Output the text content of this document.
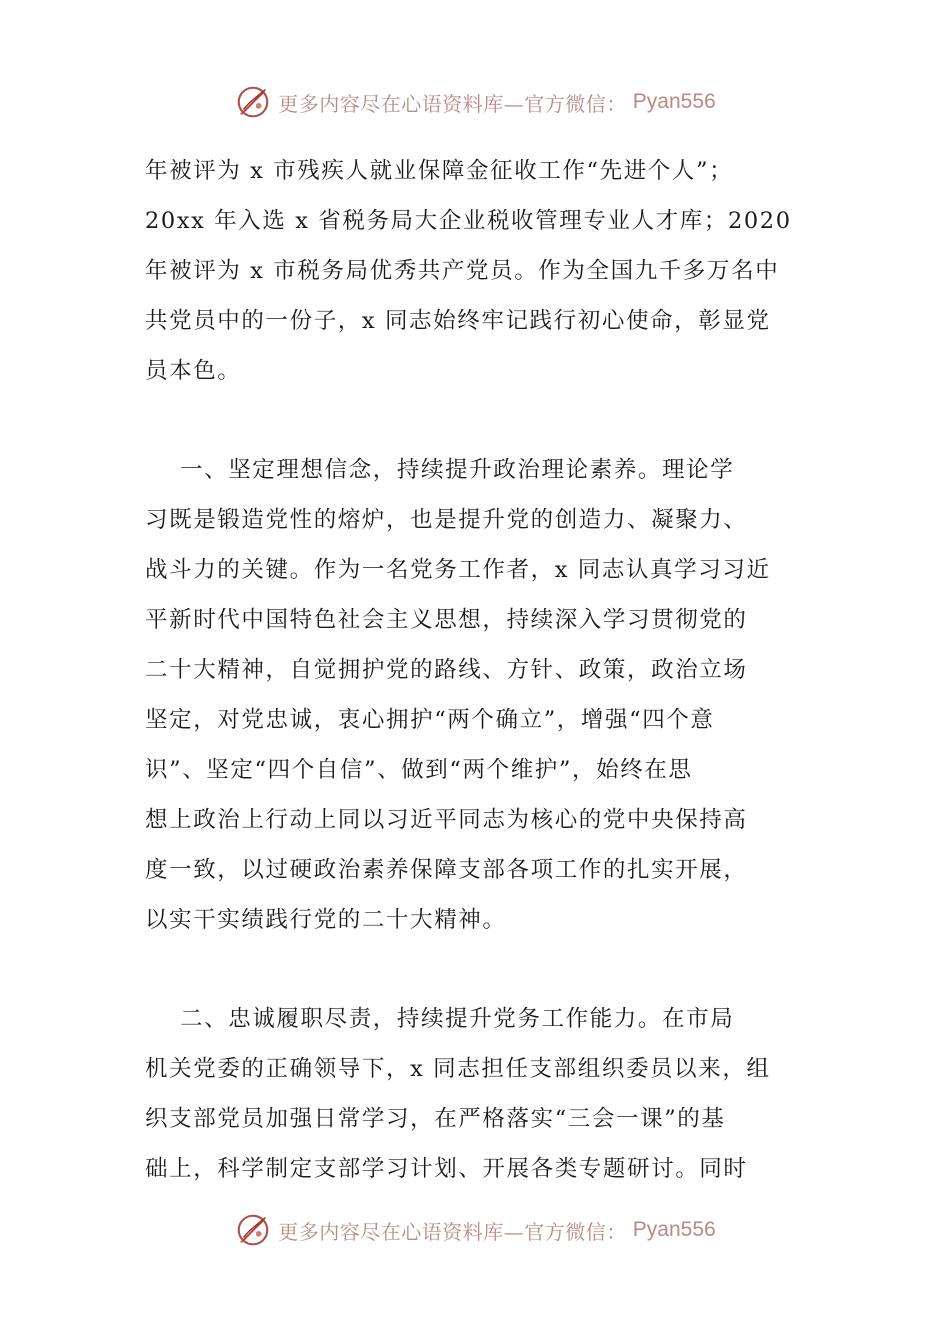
更多内容尽在心语资料库—官方微信： Pyan556
年被评为 x 市残疾人就业保障金征收工作“先进个人”；
20xx 年入选 x 省税务局大企业税收管理专业人才库；2020
年被评为 x 市税务局优秀共产党员。作为全国九千多万名中
共党员中的一份子，x 同志始终牢记践行初心使命，彰显党
员本色。
一、坚定理想信念，持续提升政治理论素养。理论学
习既是锻造党性的熔炉，也是提升党的创造力、凝聚力、
战斗力的关键。作为一名党务工作者，x 同志认真学习习近
平新时代中国特色社会主义思想，持续深入学习贯彻党的
二十大精神，自觉拥护党的路线、方针、政策，政治立场
坚定，对党忠诚，衷心拥护“两个确立”，增强“四个意
识”、坚定“四个自信”、做到“两个维护”，始终在思
想上政治上行动上同以习近平同志为核心的党中央保持高
度一致，以过硬政治素养保障支部各项工作的扎实开展，
以实干实绩践行党的二十大精神。
二、忠诚履职尽责，持续提升党务工作能力。在市局
机关党委的正确领导下，x 同志担任支部组织委员以来，组
织支部党员加强日常学习，在严格落实“三会一课”的基
础上，科学制定支部学习计划、开展各类专题研讨。同时
更多内容尽在心语资料库—官方微信： Pyan556
